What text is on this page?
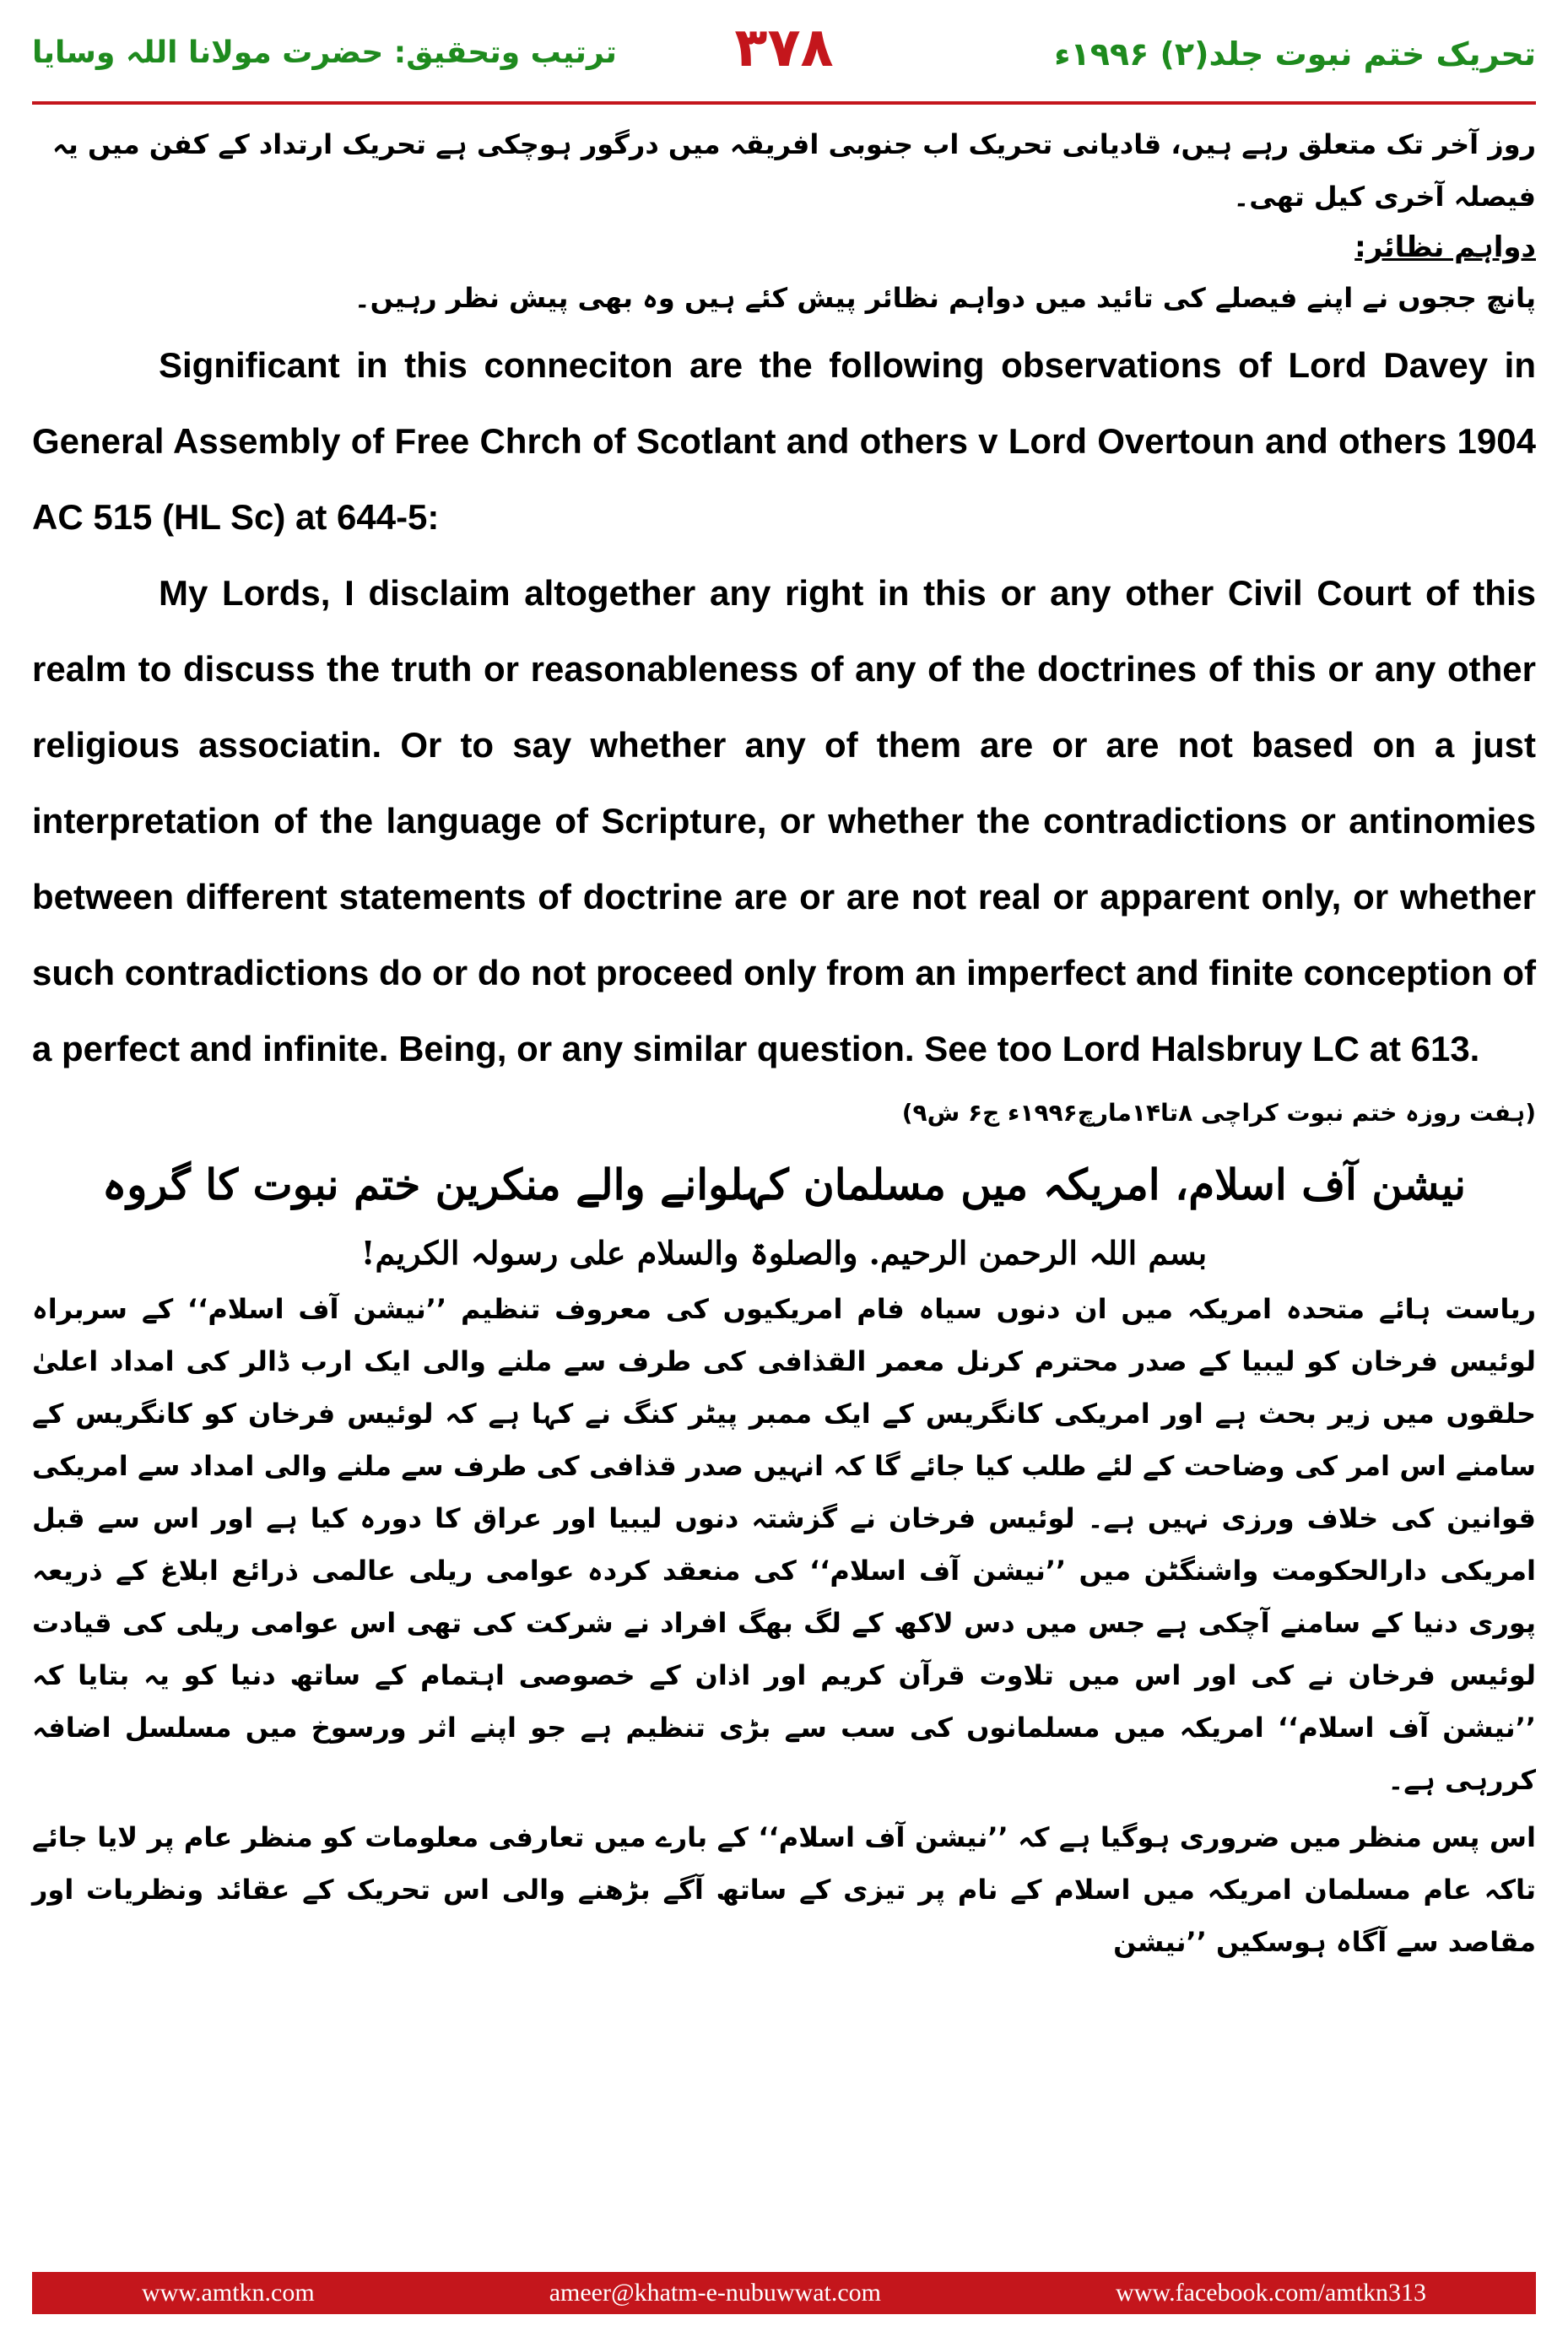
تحریک ختم نبوت جلد(۲) ۱۹۹۶ء
۳۷۸
ترتیب وتحقیق: حضرت مولانا اللہ وسایا

روز آخر تک متعلق رہے ہیں، قادیانی تحریک اب جنوبی افریقہ میں درگور ہوچکی ہے تحریک ارتداد کے کفن میں یہ فیصلہ آخری کیل تھی۔

دواہم نظائر:

پانچ ججوں نے اپنے فیصلے کی تائید میں دواہم نظائر پیش کئے ہیں وہ بھی پیش نظر رہیں۔

Significant in this conneciton are the following observations of Lord Davey in General Assembly of Free Chrch of Scotlant and others v Lord Overtoun and others 1904 AC 515 (HL Sc) at 644-5:

My Lords, I disclaim altogether any right in this or any other Civil Court of this realm to discuss the truth or reasonableness of any of the doctrines of this or any other religious associatin. Or to say whether any of them are or are not based on a just interpretation of the language of Scripture, or whether the contradictions or antinomies between different statements of doctrine are or are not real or apparent only, or whether such contradictions do or do not proceed only from an imperfect and finite conception of a perfect and infinite. Being, or any similar question. See too Lord Halsbruy LC at 613.

(ہفت روزہ ختم نبوت کراچی ۸تا۱۴مارچ۱۹۹۶ء ج۶ ش۹)

نیشن آف اسلام، امریکہ میں مسلمان کہلوانے والے منکرین ختم نبوت کا گروہ

بسم اللہ الرحمن الرحیم. والصلوۃ والسلام علی رسولہ الکریم!

ریاست ہائے متحدہ امریکہ میں ان دنوں سیاہ فام امریکیوں کی معروف تنظیم ’’نیشن آف اسلام‘‘ کے سربراہ لوئیس فرخان کو لیبیا کے صدر محترم کرنل معمر القذافی کی طرف سے ملنے والی ایک ارب ڈالر کی امداد اعلیٰ حلقوں میں زیر بحث ہے اور امریکی کانگریس کے ایک ممبر پیٹر کنگ نے کہا ہے کہ لوئیس فرخان کو کانگریس کے سامنے اس امر کی وضاحت کے لئے طلب کیا جائے گا کہ انہیں صدر قذافی کی طرف سے ملنے والی امداد سے امریکی قوانین کی خلاف ورزی نہیں ہے۔ لوئیس فرخان نے گزشتہ دنوں لیبیا اور عراق کا دورہ کیا ہے اور اس سے قبل امریکی دارالحکومت واشنگٹن میں ’’نیشن آف اسلام‘‘ کی منعقد کردہ عوامی ریلی عالمی ذرائع ابلاغ کے ذریعہ پوری دنیا کے سامنے آچکی ہے جس میں دس لاکھ کے لگ بھگ افراد نے شرکت کی تھی اس عوامی ریلی کی قیادت لوئیس فرخان نے کی اور اس میں تلاوت قرآن کریم اور اذان کے خصوصی اہتمام کے ساتھ دنیا کو یہ بتایا کہ ’’نیشن آف اسلام‘‘ امریکہ میں مسلمانوں کی سب سے بڑی تنظیم ہے جو اپنے اثر ورسوخ میں مسلسل اضافہ کررہی ہے۔

اس پس منظر میں ضروری ہوگیا ہے کہ ’’نیشن آف اسلام‘‘ کے بارے میں تعارفی معلومات کو منظر عام پر لایا جائے تاکہ عام مسلمان امریکہ میں اسلام کے نام پر تیزی کے ساتھ آگے بڑھنے والی اس تحریک کے عقائد ونظریات اور مقاصد سے آگاہ ہوسکیں ’’نیشن

www.amtkn.com	ameer@khatm-e-nubuwwat.com	www.facebook.com/amtkn313
